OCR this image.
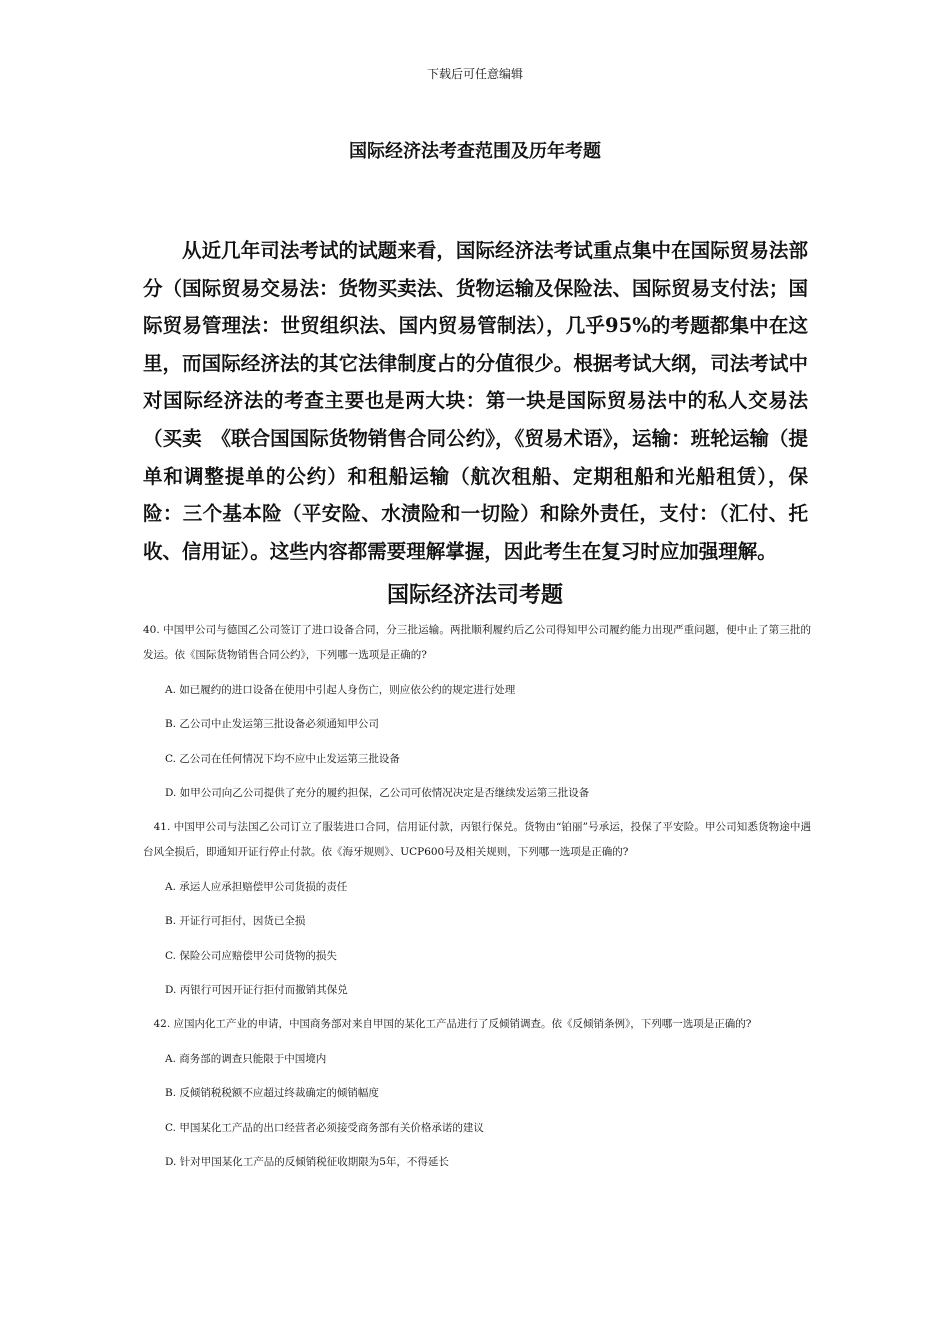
下载后可任意编辑
国际经济法考查范围及历年考题

从近几年司法考试的试题来看，国际经济法考试重点集中在国际贸易法部分（国际贸易交易法：货物买卖法、货物运输及保险法、国际贸易支付法；国际贸易管理法：世贸组织法、国内贸易管制法），几乎95%的考题都集中在这里，而国际经济法的其它法律制度占的分值很少。根据考试大纲，司法考试中对国际经济法的考查主要也是两大块：第一块是国际贸易法中的私人交易法（买卖　《联合国国际货物销售合同公约》，《贸易术语》，运输：班轮运输（提单和调整提单的公约）和租船运输（航次租船、定期租船和光船租赁），保险：三个基本险（平安险、水渍险和一切险）和除外责任，支付：（汇付、托收、信用证）。这些内容都需要理解掌握，因此考生在复习时应加强理解。

国际经济法司考题

40. 中国甲公司与德国乙公司签订了进口设备合同，分三批运输。两批顺利履约后乙公司得知甲公司履约能力出现严重问题，便中止了第三批的发运。依《国际货物销售合同公约》，下列哪一选项是正确的?

A. 如已履约的进口设备在使用中引起人身伤亡，则应依公约的规定进行处理
B. 乙公司中止发运第三批设备必须通知甲公司
C. 乙公司在任何情况下均不应中止发运第三批设备
D. 如甲公司向乙公司提供了充分的履约担保，乙公司可依情况决定是否继续发运第三批设备

　41. 中国甲公司与法国乙公司订立了服装进口合同，信用证付款，丙银行保兑。货物由“铂丽”号承运，投保了平安险。甲公司知悉货物途中遇台风全损后，即通知开证行停止付款。依《海牙规则》、UCP600号及相关规则，下列哪一选项是正确的?

A. 承运人应承担赔偿甲公司货损的责任
B. 开证行可拒付，因货已全损
C. 保险公司应赔偿甲公司货物的损失
D. 丙银行可因开证行拒付而撤销其保兑

　42. 应国内化工产业的申请，中国商务部对来自甲国的某化工产品进行了反倾销调查。依《反倾销条例》，下列哪一选项是正确的?

A. 商务部的调查只能限于中国境内
B. 反倾销税税额不应超过终裁确定的倾销幅度
C. 甲国某化工产品的出口经营者必须接受商务部有关价格承诺的建议
D. 针对甲国某化工产品的反倾销税征收期限为5年，不得延长
